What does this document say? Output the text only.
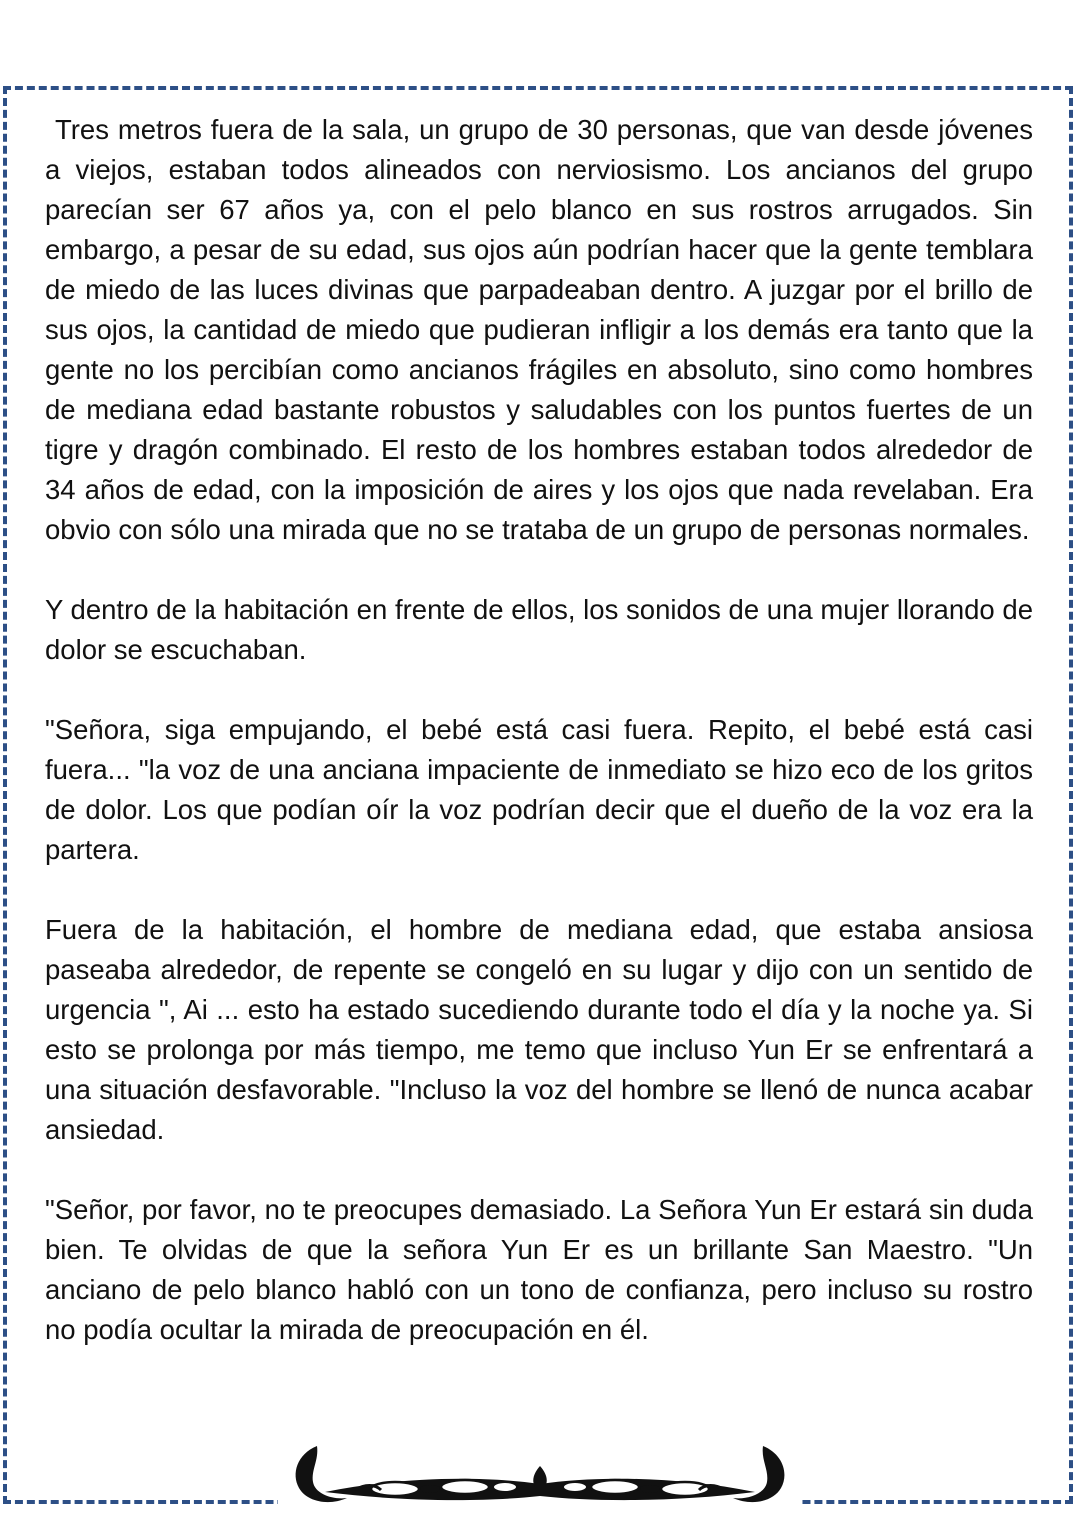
Tres metros fuera de la sala, un grupo de 30 personas, que van desde jóvenes a viejos, estaban todos alineados con nerviosismo. Los ancianos del grupo parecían ser 67 años ya, con el pelo blanco en sus rostros arrugados. Sin embargo, a pesar de su edad, sus ojos aún podrían hacer que la gente temblara de miedo de las luces divinas que parpadeaban dentro. A juzgar por el brillo de sus ojos, la cantidad de miedo que pudieran infligir a los demás era tanto que la gente no los percibían como ancianos frágiles en absoluto, sino como hombres de mediana edad bastante robustos y saludables con los puntos fuertes de un tigre y dragón combinado. El resto de los hombres estaban todos alrededor de 34 años de edad, con la imposición de aires y los ojos que nada revelaban. Era obvio con sólo una mirada que no se trataba de un grupo de personas normales.

Y dentro de la habitación en frente de ellos, los sonidos de una mujer llorando de dolor se escuchaban.

"Señora, siga empujando, el bebé está casi fuera. Repito, el bebé está casi fuera... "la voz de una anciana impaciente de inmediato se hizo eco de los gritos de dolor. Los que podían oír la voz podrían decir que el dueño de la voz era la partera.

Fuera de la habitación, el hombre de mediana edad, que estaba ansiosa paseaba alrededor, de repente se congeló en su lugar y dijo con un sentido de urgencia ", Ai ... esto ha estado sucediendo durante todo el día y la noche ya. Si esto se prolonga por más tiempo, me temo que incluso Yun Er se enfrentará a una situación desfavorable. "Incluso la voz del hombre se llenó de nunca acabar ansiedad.

"Señor, por favor, no te preocupes demasiado. La Señora Yun Er estará sin duda bien. Te olvidas de que la señora Yun Er es un brillante San Maestro. "Un anciano de pelo blanco habló con un tono de confianza, pero incluso su rostro no podía ocultar la mirada de preocupación en él.
